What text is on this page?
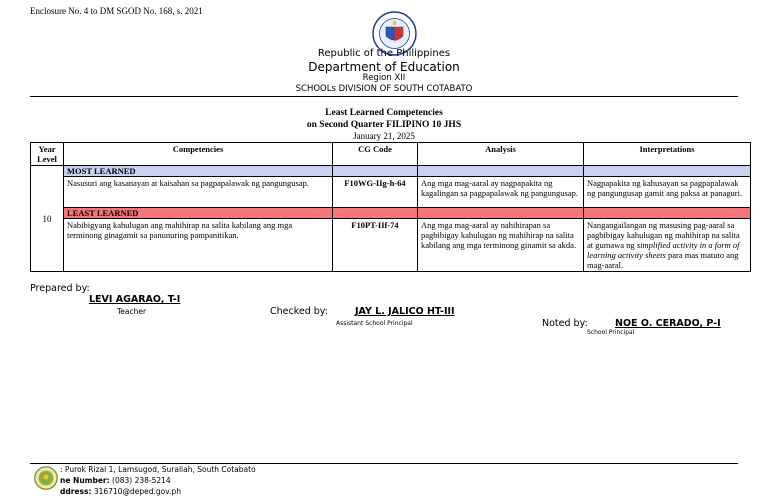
Enclosure No. 4 to DM SGOD No. 168, s. 2021
Republic of the Philippines
Department of Education
Region XII
SCHOOLs DIVISION OF SOUTH COTABATO
Least Learned Competencies
on Second Quarter FILIPINO 10 JHS
January 21, 2025
Year Level	Competencies	CG Code	Analysis	Interpretations
10	MOST LEARNED			
	Nasusuri ang kasanayan at kaisahan sa pagpapalawak ng pangungusap.	F10WG-IIg-h-64	Ang mga mag-aaral ay nagpapakita ng kagalingan sa pagpapalawak ng pangungusap.	Nagpapakita ng kahusayan sa pagpapalawak ng pangungusap gamit ang paksa at panaguri.
	LEAST LEARNED			
	Nabibigyang kahulugan ang mahihirap na salita kabilang ang mga terminong ginagamit sa panunuring pampanitikan.	F10PT-IIf-74	Ang mga mag-aaral ay nahihirapan sa pagbibigay kahulugan ng mahihirap na salita kabilang ang mga terminong ginamit sa akda.	Nangangailangan ng masusing pag-aaral sa pagbibigay kahulugan ng mahihirap na salita at gumawa ng simplified activity in a form of learning activity sheets para mas matuto ang mag-aaral.
Prepared by:
LEVI AGARAO, T-I
Teacher	Checked by:	JAY L. JALICO HT-III
Assistant School Principal	Noted by:	NOE O. CERADO, P-I
School Principal
: Purok Rizal 1, Lamsugod, Surallah, South Cotabato
ne Number: (083) 238-5214
ddress: 316710@deped.gov.ph
